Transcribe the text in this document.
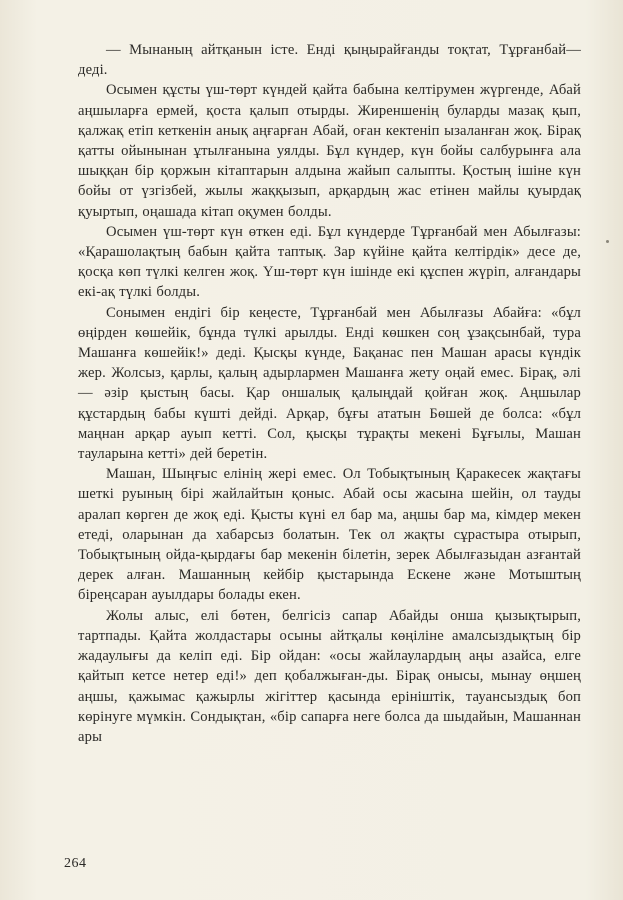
— Мынаның айтқанын істе. Енді қыңырайғанды тоқтат, Тұрғанбай—деді.

Осымен құсты үш-төрт күндей қайта бабына келтірумен жүргенде, Абай аңшыларға ермей, қоста қалып отырды. Жиреншенің буларды мазақ қып, қалжақ етіп кеткенін анық аңғарған Абай, оған кектеніп ызаланған жоқ. Бірақ қатты ойынынан ұтылғанына уялды. Бұл күндер, күн бойы салбурынға ала шыққан бір қоржын кітаптарын алдына жайып салыпты. Қостың ішіне күн бойы от үзгізбей, жылы жаққызып, арқардың жас етінен майлы қуырдақ қуыртып, оңашада кітап оқумен болды.

Осымен үш-төрт күн өткен еді. Бұл күндерде Тұрғанбай мен Абылғазы: «Қарашолақтың бабын қайта таптық. Зар күйіне қайта келтірдік» десе де, қосқа көп түлкі келген жоқ. Үш-төрт күн ішінде екі құспен жүріп, алғандары екі-ақ түлкі болды.

Сонымен ендігі бір кеңесте, Тұрғанбай мен Абылғазы Абайға: «бұл өңірден көшейік, бұнда түлкі арылды. Енді көшкен соң ұзақсынбай, тура Машанға көшейік!» деді. Қысқы күнде, Бақанас пен Машан арасы күндік жер. Жолсыз, қарлы, қалың адырлармен Машанға жету оңай емес. Бірақ, әлі — әзір қыстың басы. Қар оншалық қалыңдай қойған жоқ. Аңшылар құстардың бабы күшті дейді. Арқар, бұғы ататын Бөшей де болса: «бұл маңнан арқар ауып кетті. Сол, қысқы тұрақты мекені Бұғылы, Машан тауларына кетті» дей беретін.

Машан, Шыңғыс елінің жері емес. Ол Тобықтының Қаракесек жақтағы шеткі руының бірі жайлайтын қоныс. Абай осы жасына шейін, ол тауды аралап көрген де жоқ еді. Қысты күні ел бар ма, аңшы бар ма, кімдер мекен етеді, оларынан да хабарсыз болатын. Тек ол жақты сұрастыра отырып, Тобықтының ойда-қырдағы бар мекенін білетін, зерек Абылғазыдан азғантай дерек алған. Машанның кейбір қыстарында Ескене және Мотыштың біреңсаран ауылдары болады екен.

Жолы алыс, елі бөтен, белгісіз сапар Абайды онша қызықтырып, тартпады. Қайта жолдастары осыны айтқалы көңіліне амалсыздықтың бір жадаулығы да келіп еді. Бір ойдан: «осы жайлаулардың аңы азайса, елге қайтып кетсе нетер еді!» деп қобалжыған-ды. Бірақ онысы, мынау өңшең аңшы, қажымас қажырлы жігіттер қасында ерініштік, тауансыздық боп көрінуге мүмкін. Сондықтан, «бір сапарға неге болса да шыдайын, Машаннан ары

264
